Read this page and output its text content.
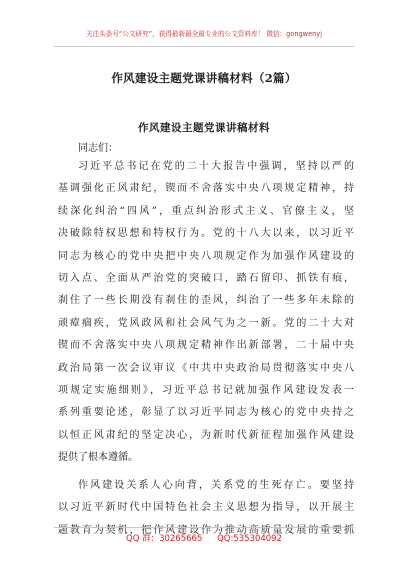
关注头条号“公文研究”，获得最新最全最专业的公文资料库！ 微信：gongwenyj
作风建设主题党课讲稿材料（2篇）
作风建设主题党课讲稿材料
同志们：
习近平总书记在党的二十大报告中强调，坚持以严的
基调强化正风肃纪，锲而不舍落实中央八项规定精神，持
续深化纠治“四风”，重点纠治形式主义、官僚主义，坚
决破除特权思想和特权行为。党的十八大以来，以习近平
同志为核心的党中央把中央八项规定作为加强作风建设的
切入点、全面从严治党的突破口，踏石留印、抓铁有痕，
刹住了一些长期没有刹住的歪风，纠治了一些多年未除的
顽瘴痼疾，党风政风和社会风气为之一新。党的二十大对
锲而不舍落实中央八项规定精神作出新部署，二十届中央
政治局第一次会议审议《中共中央政治局贯彻落实中央八
项规定实施细则》，习近平总书记就加强作风建设发表一
系列重要论述，彰显了以习近平同志为核心的党中央持之
以恒正风肃纪的坚定决心，为新时代新征程加强作风建设
提供了根本遵循。
作风建设关系人心向背，关系党的生死存亡。要坚持
以习近平新时代中国特色社会主义思想为指导，以开展主
题教育为契机，把作风建设作为推动高质量发展的重要抓
QQ 群：30265665 QQ:535304092
